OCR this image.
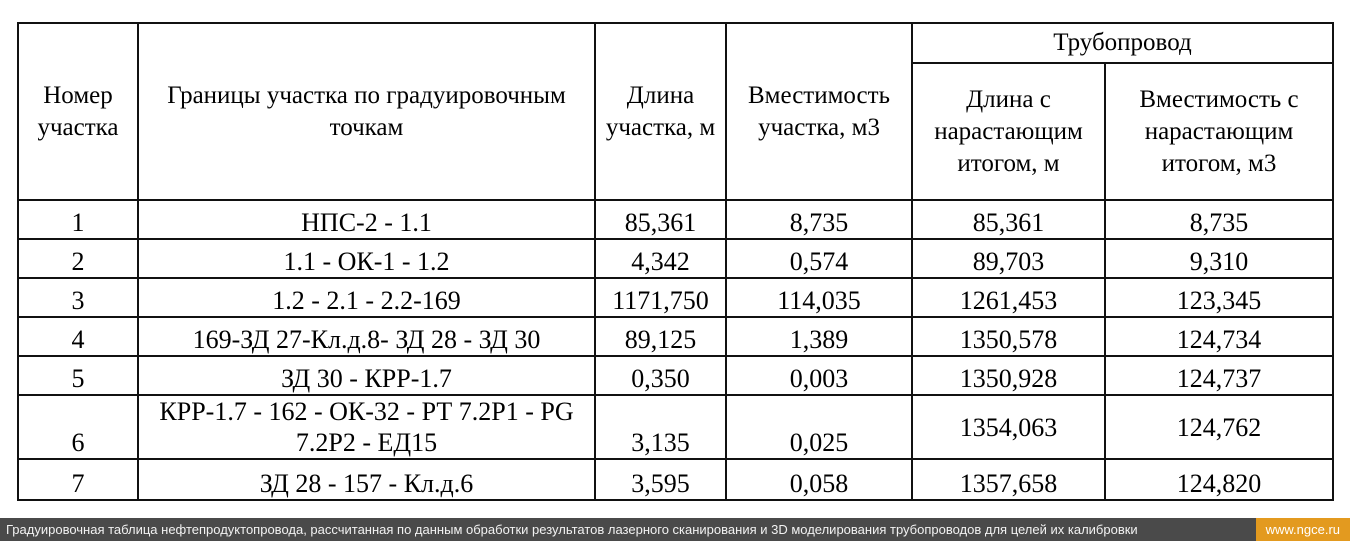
Номер участка	Границы участка по градуировочным точкам	Длина участка, м	Вместимость участка, м3	Трубопровод	
				Длина с нарастающим итогом, м	Вместимость с нарастающим итогом, м3
1	НПС-2 - 1.1	85,361	8,735	85,361	8,735
2	1.1 - ОК-1 - 1.2	4,342	0,574	89,703	9,310
3	1.2 - 2.1 - 2.2-169	1171,750	114,035	1261,453	123,345
4	169-ЗД 27-Кл.д.8- ЗД 28 - ЗД 30	89,125	1,389	1350,578	124,734
5	ЗД 30 - КРР-1.7	0,350	0,003	1350,928	124,737
6	КРР-1.7 - 162 - ОК-32 - РТ 7.2Р1 - PG 7.2Р2 - ЕД15	3,135	0,025	1354,063	124,762
7	ЗД 28 - 157 - Кл.д.6	3,595	0,058	1357,658	124,820
Градуировочная таблица нефтепродуктопровода, рассчитанная по данным обработки результатов лазерного сканирования и 3D моделирования трубопроводов для целей их калибровки	www.ngce.ru
